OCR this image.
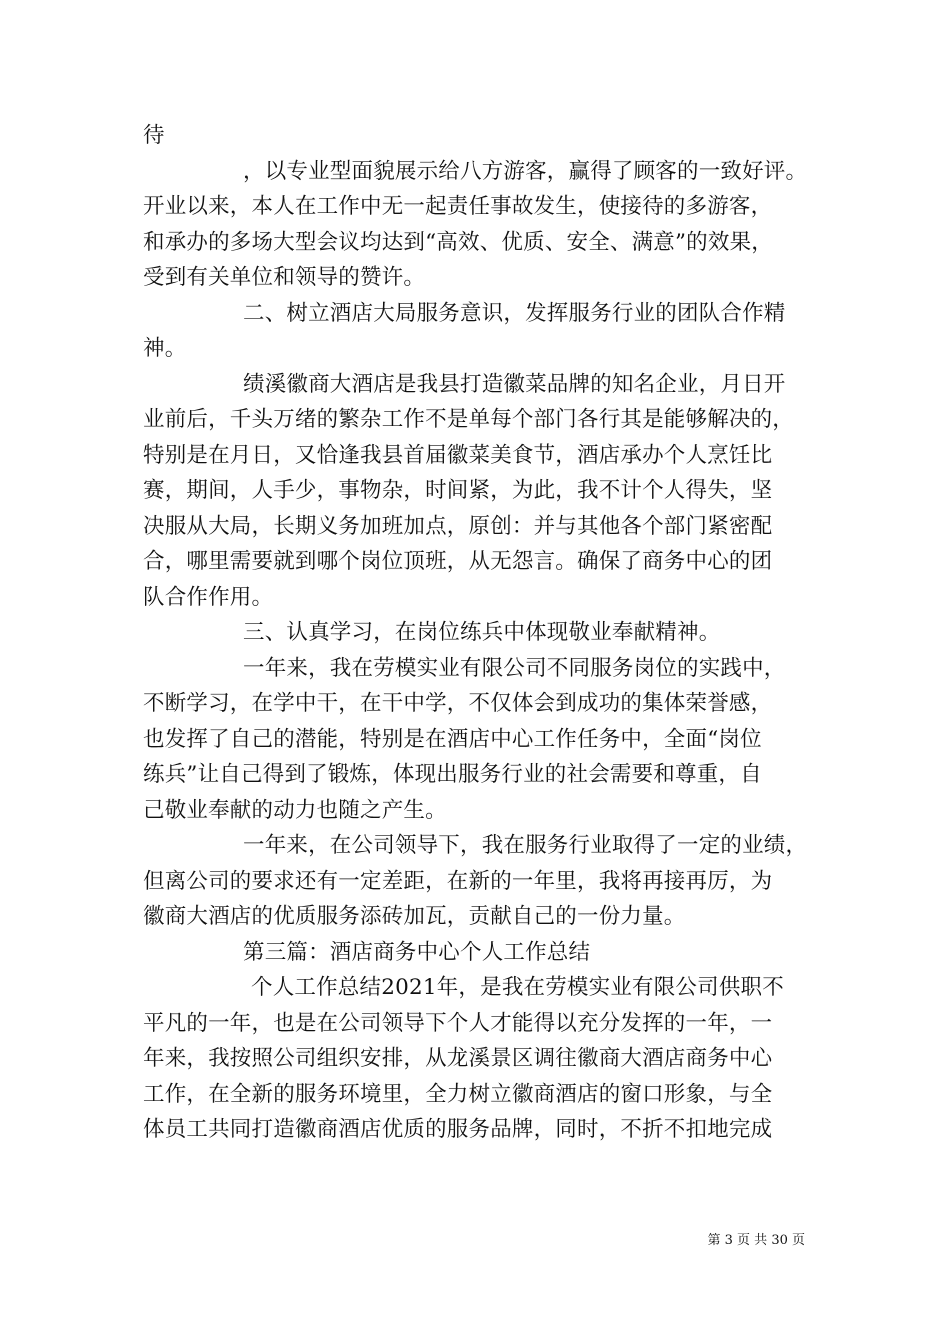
待
，以专业型面貌展示给八方游客，赢得了顾客的一致好评。
开业以来，本人在工作中无一起责任事故发生，使接待的多游客，
和承办的多场大型会议均达到“高效、优质、安全、满意”的效果，
受到有关单位和领导的赞许。
二、树立酒店大局服务意识，发挥服务行业的团队合作精
神。
绩溪徽商大酒店是我县打造徽菜品牌的知名企业，月日开
业前后，千头万绪的繁杂工作不是单每个部门各行其是能够解决的，
特别是在月日，又恰逢我县首届徽菜美食节，酒店承办个人烹饪比
赛，期间，人手少，事物杂，时间紧，为此，我不计个人得失，坚
决服从大局，长期义务加班加点，原创：并与其他各个部门紧密配
合，哪里需要就到哪个岗位顶班，从无怨言。确保了商务中心的团
队合作作用。
三、认真学习，在岗位练兵中体现敬业奉献精神。
一年来，我在劳模实业有限公司不同服务岗位的实践中，
不断学习，在学中干，在干中学，不仅体会到成功的集体荣誉感，
也发挥了自己的潜能，特别是在酒店中心工作任务中，全面“岗位
练兵”让自己得到了锻炼，体现出服务行业的社会需要和尊重，自
己敬业奉献的动力也随之产生。
一年来，在公司领导下，我在服务行业取得了一定的业绩，
但离公司的要求还有一定差距，在新的一年里，我将再接再厉，为
徽商大酒店的优质服务添砖加瓦，贡献自己的一份力量。
第三篇：酒店商务中心个人工作总结
个人工作总结2021年，是我在劳模实业有限公司供职不
平凡的一年，也是在公司领导下个人才能得以充分发挥的一年，一
年来，我按照公司组织安排，从龙溪景区调往徽商大酒店商务中心
工作，在全新的服务环境里，全力树立徽商酒店的窗口形象，与全
体员工共同打造徽商酒店优质的服务品牌，同时，不折不扣地完成
第 3 页 共 30 页
